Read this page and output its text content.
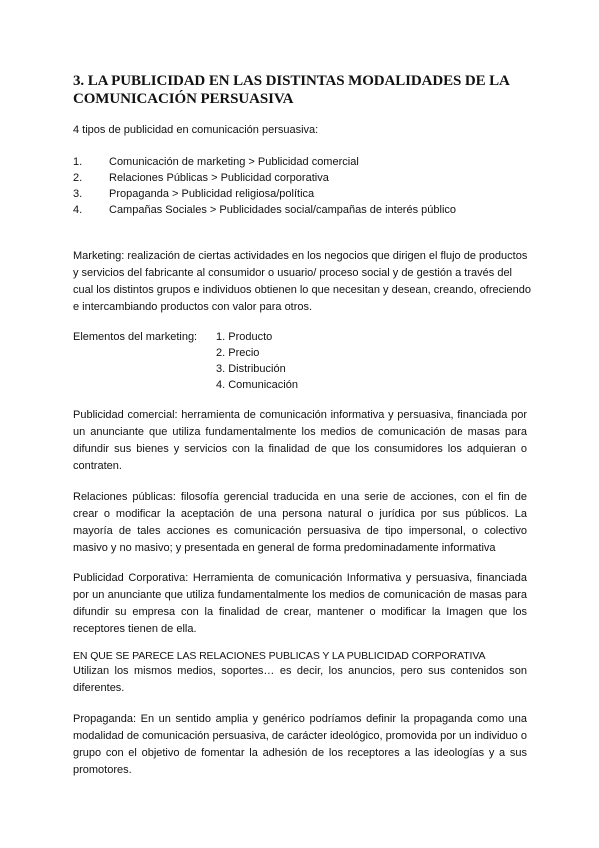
3. LA PUBLICIDAD EN LAS DISTINTAS MODALIDADES DE LA COMUNICACIÓN PERSUASIVA

4 tipos de publicidad en comunicación persuasiva:

1.	Comunicación de marketing > Publicidad comercial
2.	Relaciones Públicas > Publicidad corporativa
3.	Propaganda > Publicidad religiosa/política
4.	Campañas Sociales > Publicidades social/campañas de interés público

Marketing: realización de ciertas actividades en los negocios que dirigen el flujo de productos y servicios del fabricante al consumidor o usuario/ proceso social y de gestión a través del cual los distintos grupos e individuos obtienen lo que necesitan y desean, creando, ofreciendo e intercambiando productos con valor para otros.

Elementos del marketing: 1. Producto
2. Precio
3. Distribución
4. Comunicación

Publicidad comercial: herramienta de comunicación informativa y persuasiva, financiada por un anunciante que utiliza fundamentalmente los medios de comunicación de masas para difundir sus bienes y servicios con la finalidad de que los consumidores los adquieran o contraten.

Relaciones públicas: filosofía gerencial traducida en una serie de acciones, con el fin de crear o modificar la aceptación de una persona natural o jurídica por sus públicos. La mayoría de tales acciones es comunicación persuasiva de tipo impersonal, o colectivo masivo y no masivo; y presentada en general de forma predominadamente informativa

Publicidad Corporativa: Herramienta de comunicación Informativa y persuasiva, financiada por un anunciante que utiliza fundamentalmente los medios de comunicación de masas para difundir su empresa con la finalidad de crear, mantener o modificar la Imagen que los receptores tienen de ella.

EN QUE SE PARECE LAS RELACIONES PUBLICAS Y LA PUBLICIDAD CORPORATIVA

Utilizan los mismos medios, soportes… es decir, los anuncios, pero sus contenidos son diferentes.

Propaganda: En un sentido amplia y genérico podríamos definir la propaganda como una modalidad de comunicación persuasiva, de carácter ideológico, promovida por un individuo o grupo con el objetivo de fomentar la adhesión de los receptores a las ideologías y a sus promotores.
